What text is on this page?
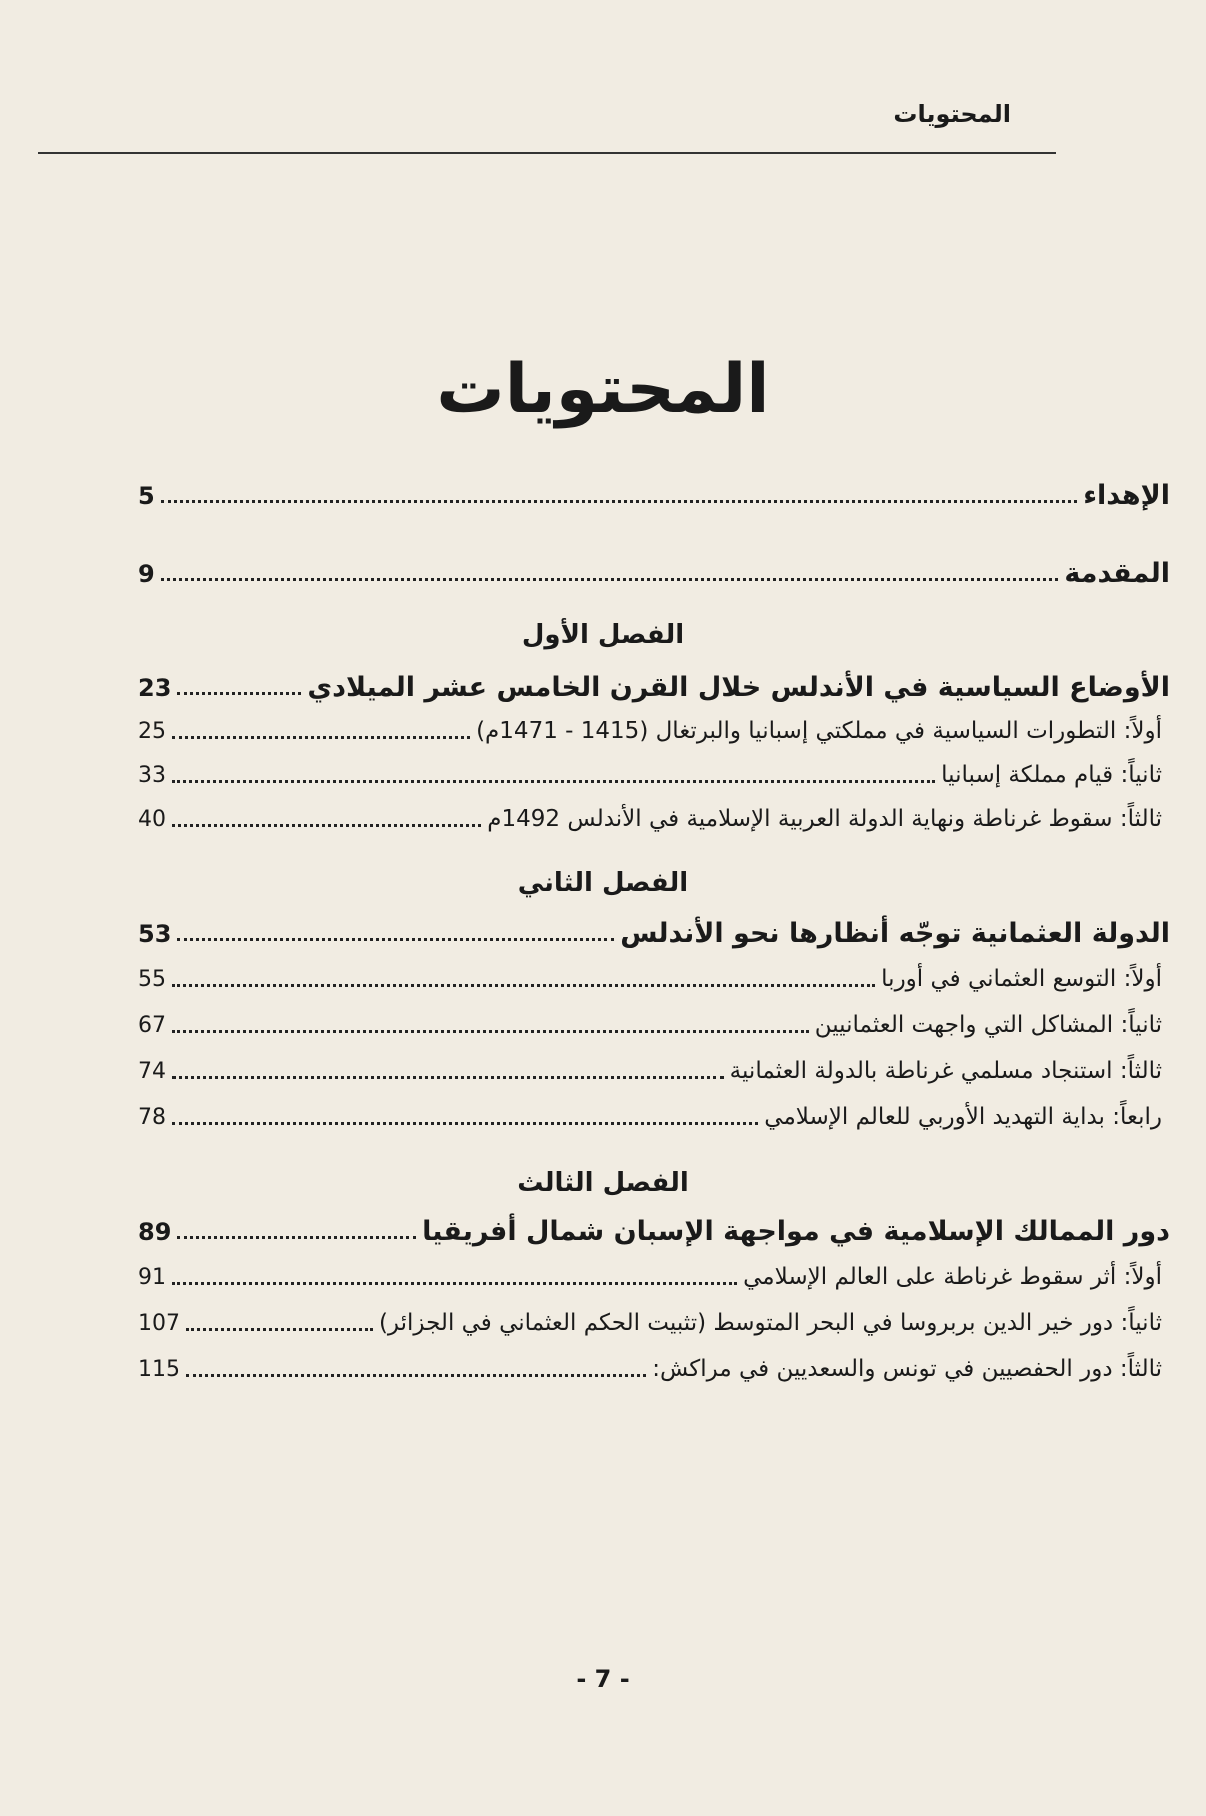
المحتويات
المحتويات
الإهداء
5
المقدمة
9
الفصل الأول
الأوضاع السياسية في الأندلس خلال القرن الخامس عشر الميلادي
23
أولاً: التطورات السياسية في مملكتي إسبانيا والبرتغال (1415 - 1471م)
25
ثانياً: قيام مملكة إسبانيا
33
ثالثاً: سقوط غرناطة ونهاية الدولة العربية الإسلامية في الأندلس 1492م
40
الفصل الثاني
الدولة العثمانية توجّه أنظارها نحو الأندلس
53
أولاً: التوسع العثماني في أوربا
55
ثانياً: المشاكل التي واجهت العثمانيين
67
ثالثاً: استنجاد مسلمي غرناطة بالدولة العثمانية
74
رابعاً: بداية التهديد الأوربي للعالم الإسلامي
78
الفصل الثالث
دور الممالك الإسلامية في مواجهة الإسبان شمال أفريقيا
89
أولاً: أثر سقوط غرناطة على العالم الإسلامي
91
ثانياً: دور خير الدين بربروسا في البحر المتوسط (تثبيت الحكم العثماني في الجزائر)
107
ثالثاً: دور الحفصيين في تونس والسعديين في مراكش:
115
- 7 -
